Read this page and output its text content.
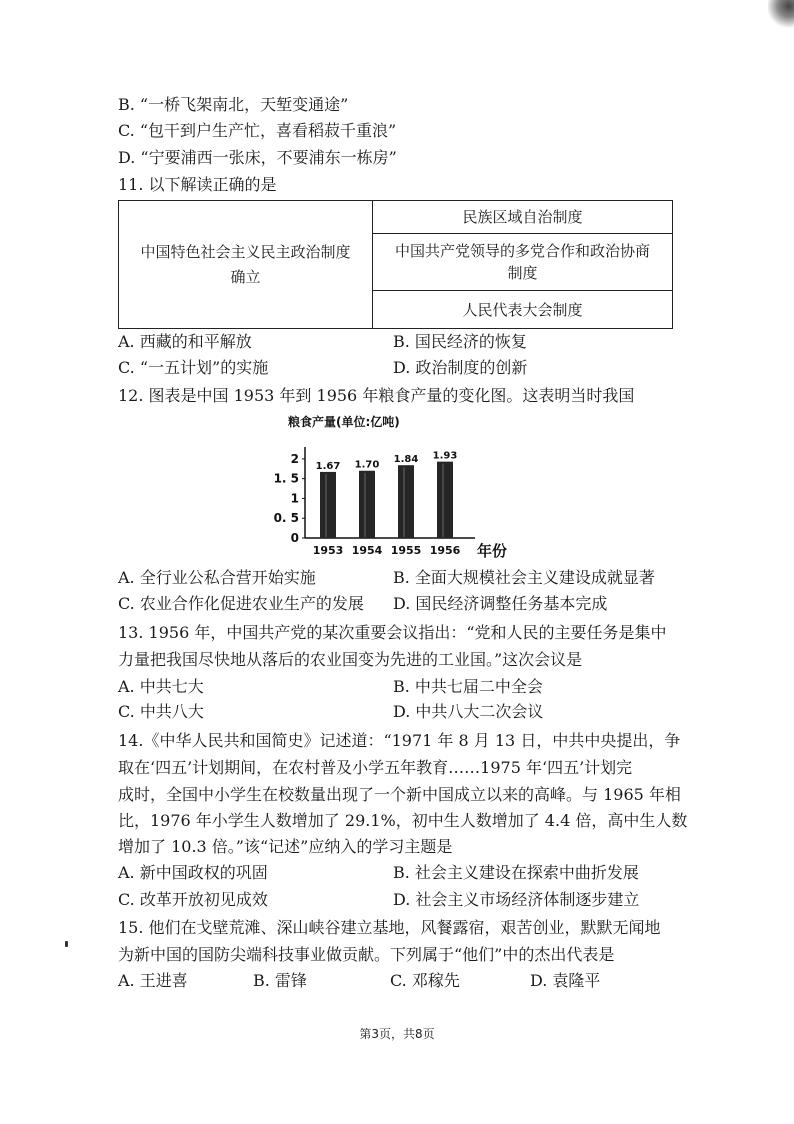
B. “一桥飞架南北，天堑变通途”
C. “包干到户生产忙，喜看稻菽千重浪”
D. “宁要浦西一张床，不要浦东一栋房”
11. 以下解读正确的是
中国特色社会主义民主政治制度
确立

民族区域自治制度

中国共产党领导的多党合作和政治协商
制度

人民代表大会制度
A. 西藏的和平解放	B. 国民经济的恢复
C. “一五计划”的实施	D. 政治制度的创新
12. 图表是中国 1953 年到 1956 年粮食产量的变化图。这表明当时我国
粮食产量(单位:亿吨)
年份
0
0. 5
1
1. 5
2
1.67
1953
1.70
1954
1.84
1955
1.93
1956
A. 全行业公私合营开始实施	B. 全面大规模社会主义建设成就显著
C. 农业合作化促进农业生产的发展 D. 国民经济调整任务基本完成
13. 1956 年，中国共产党的某次重要会议指出：“党和人民的主要任务是集中
力量把我国尽快地从落后的农业国变为先进的工业国。”这次会议是
A. 中共七大	B. 中共七届二中全会
C. 中共八大	D. 中共八大二次会议
14.《中华人民共和国简史》记述道：“1971 年 8 月 13 日，中共中央提出，争
取在‘四五’计划期间，在农村普及小学五年教育……1975 年‘四五’计划完
成时，全国中小学生在校数量出现了一个新中国成立以来的高峰。与 1965 年相
比，1976 年小学生人数增加了 29.1%，初中生人数增加了 4.4 倍，高中生人数
增加了 10.3 倍。”该“记述”应纳入的学习主题是
A. 新中国政权的巩固	B. 社会主义建设在探索中曲折发展
C. 改革开放初见成效	D. 社会主义市场经济体制逐步建立
15. 他们在戈壁荒滩、深山峡谷建立基地，风餐露宿，艰苦创业，默默无闻地
为新中国的国防尖端科技事业做贡献。下列属于“他们”中的杰出代表是
A. 王进喜	B. 雷锋	C. 邓稼先	D. 袁隆平
第3页，共8页
